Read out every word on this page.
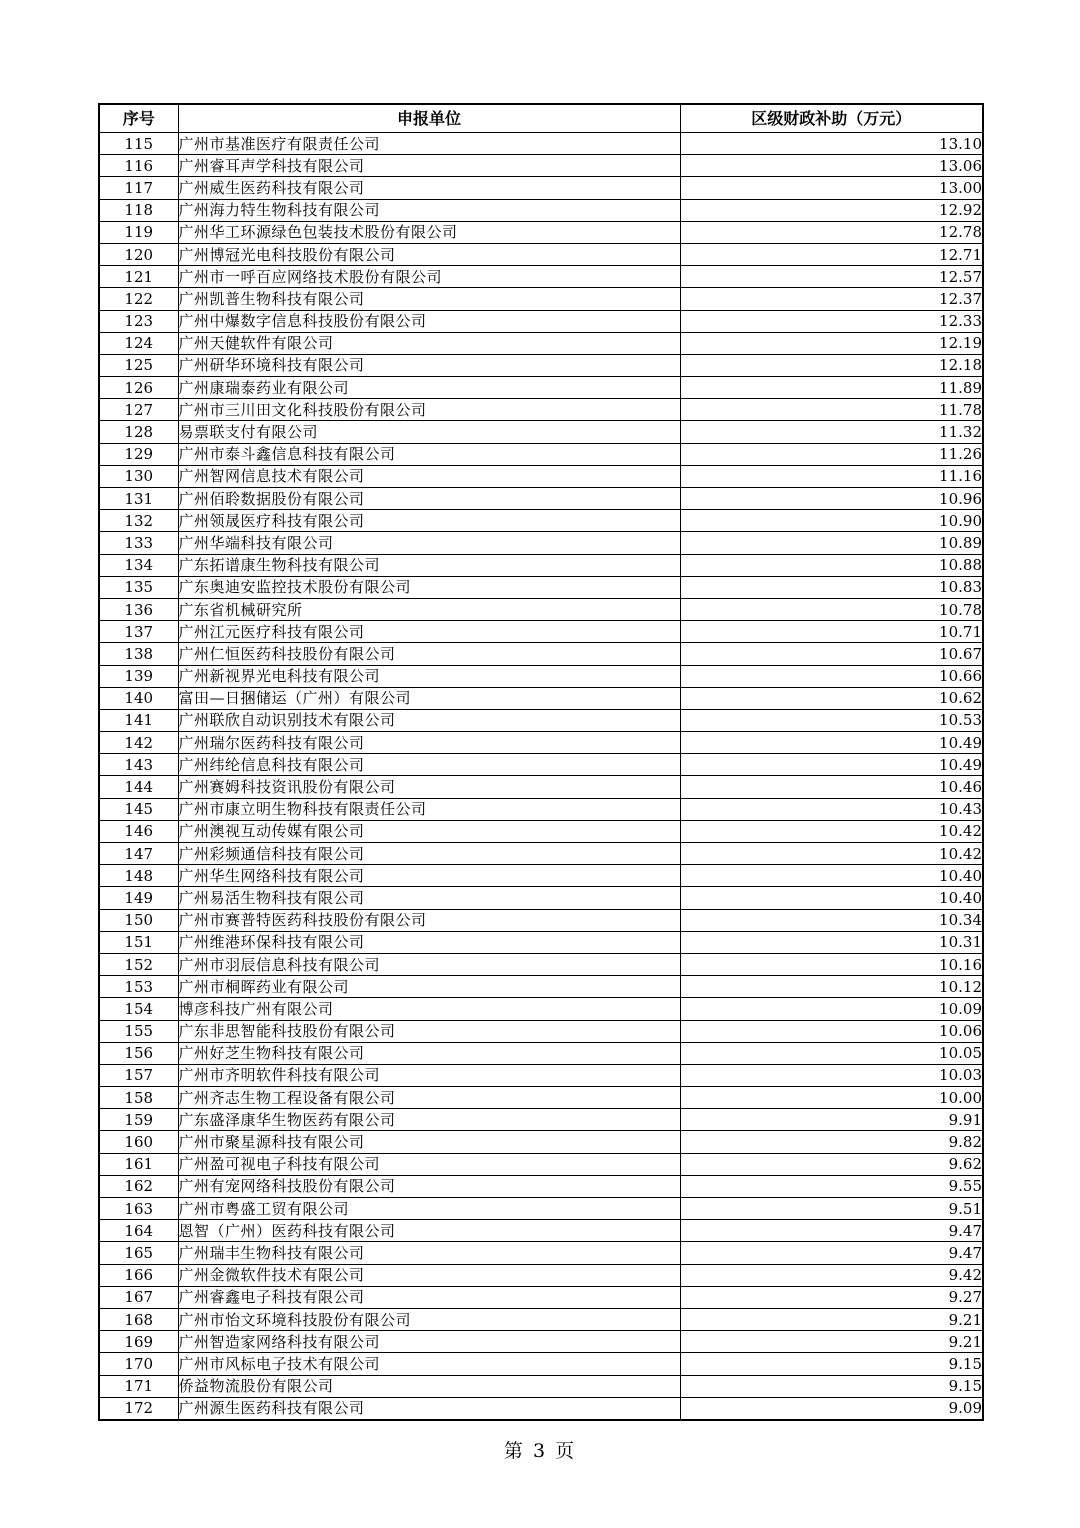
序号	申报单位	区级财政补助（万元）
115	广州市基准医疗有限责任公司	13.10
116	广州睿耳声学科技有限公司	13.06
117	广州威生医药科技有限公司	13.00
118	广州海力特生物科技有限公司	12.92
119	广州华工环源绿色包装技术股份有限公司	12.78
120	广州博冠光电科技股份有限公司	12.71
121	广州市一呼百应网络技术股份有限公司	12.57
122	广州凯普生物科技有限公司	12.37
123	广州中爆数字信息科技股份有限公司	12.33
124	广州天健软件有限公司	12.19
125	广州研华环境科技有限公司	12.18
126	广州康瑞泰药业有限公司	11.89
127	广州市三川田文化科技股份有限公司	11.78
128	易票联支付有限公司	11.32
129	广州市泰斗鑫信息科技有限公司	11.26
130	广州智网信息技术有限公司	11.16
131	广州佰聆数据股份有限公司	10.96
132	广州领晟医疗科技有限公司	10.90
133	广州华端科技有限公司	10.89
134	广东拓谱康生物科技有限公司	10.88
135	广东奥迪安监控技术股份有限公司	10.83
136	广东省机械研究所	10.78
137	广州江元医疗科技有限公司	10.71
138	广州仁恒医药科技股份有限公司	10.67
139	广州新视界光电科技有限公司	10.66
140	富田—日捆储运（广州）有限公司	10.62
141	广州联欣自动识别技术有限公司	10.53
142	广州瑞尔医药科技有限公司	10.49
143	广州纬纶信息科技有限公司	10.49
144	广州赛姆科技资讯股份有限公司	10.46
145	广州市康立明生物科技有限责任公司	10.43
146	广州澳视互动传媒有限公司	10.42
147	广州彩频通信科技有限公司	10.42
148	广州华生网络科技有限公司	10.40
149	广州易活生物科技有限公司	10.40
150	广州市赛普特医药科技股份有限公司	10.34
151	广州维港环保科技有限公司	10.31
152	广州市羽辰信息科技有限公司	10.16
153	广州市桐晖药业有限公司	10.12
154	博彦科技广州有限公司	10.09
155	广东非思智能科技股份有限公司	10.06
156	广州好芝生物科技有限公司	10.05
157	广州市齐明软件科技有限公司	10.03
158	广州齐志生物工程设备有限公司	10.00
159	广东盛泽康华生物医药有限公司	9.91
160	广州市聚星源科技有限公司	9.82
161	广州盈可视电子科技有限公司	9.62
162	广州有宠网络科技股份有限公司	9.55
163	广州市粤盛工贸有限公司	9.51
164	恩智（广州）医药科技有限公司	9.47
165	广州瑞丰生物科技有限公司	9.47
166	广州金微软件技术有限公司	9.42
167	广州睿鑫电子科技有限公司	9.27
168	广州市怡文环境科技股份有限公司	9.21
169	广州智造家网络科技有限公司	9.21
170	广州市风标电子技术有限公司	9.15
171	侨益物流股份有限公司	9.15
172	广州源生医药科技有限公司	9.09
第 3 页
